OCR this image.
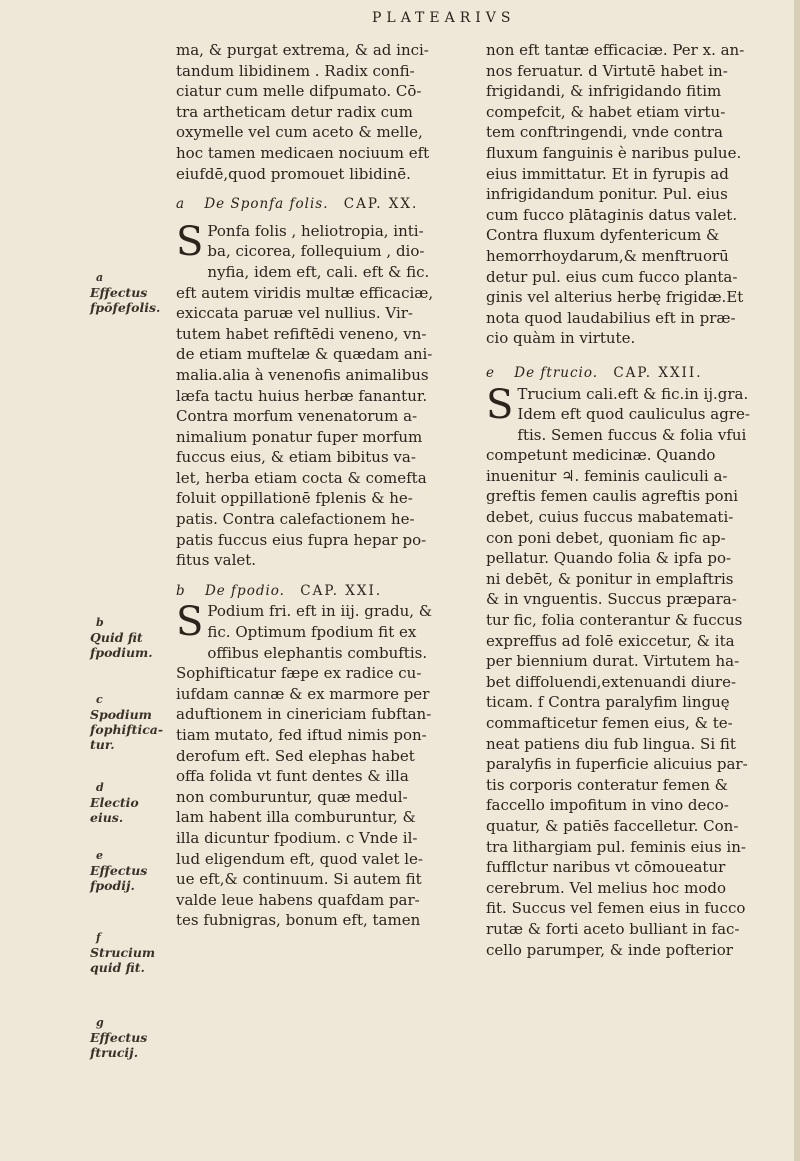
PLATEARIVS
ma, & purgat extrema, & ad inci-
tandum libidinem . Radix confi-
ciatur cum melle difpumato. Cō-
tra artheticam detur radix cum
oxymelle vel cum aceto & melle,
hoc tamen medicaen nociuum eft
eiufdē,quod promouet libidinē.
a De Sponfa folis. CAP. XX.
S Ponfa folis , heliotropia, inti-
ba, cicorea, follequium , dio-
nyfia, idem eft, cali. eft & fic.
eft autem viridis multæ efficaciæ,
exiccata paruæ vel nullius. Vir-
tutem habet refiftēdi veneno, vn-
de etiam muftelæ & quædam ani-
malia.alia à venenofis animalibus
læfa tactu huius herbæ fanantur.
Contra morfum venenatorum a-
nimalium ponatur fuper morfum
fuccus eius, & etiam bibitus va-
let, herba etiam cocta & comefta
foluit oppillationē fplenis & he-
patis. Contra calefactionem he-
patis fuccus eius fupra hepar po-
fitus valet.
b De fpodio. CAP. XXI.
S Podium fri. eft in iij. gradu, &
fic. Optimum fpodium fit ex
offibus elephantis combuftis.
Sophifticatur fæpe ex radice cu-
iufdam cannæ & ex marmore per
aduftionem in cinericiam fubftan-
tiam mutato, fed iftud nimis pon-
derofum eft. Sed elephas habet
offa folida vt funt dentes & illa
non comburuntur, quæ medul-
lam habent illa comburuntur, &
illa dicuntur fpodium. c Vnde il-
lud eligendum eft, quod valet le-
ue eft,& continuum. Si autem fit
valde leue habens quafdam par-
tes fubnigras, bonum eft, tamen
non eft tantæ efficaciæ. Per x. an-
nos feruatur. d Virtutē habet in-
frigidandi, & infrigidando fitim
compefcit, & habet etiam virtu-
tem conftringendi, vnde contra
fluxum fanguinis è naribus pulue.
eius immittatur. Et in fyrupis ad
infrigidandum ponitur. Pul. eius
cum fucco plātaginis datus valet.
Contra fluxum dyfentericum &
hemorrhoydarum,& menftruorū
detur pul. eius cum fucco planta-
ginis vel alterius herbę frigidæ.Et
nota quod laudabilius eft in præ-
cio quàm in virtute.
e De ftrucio. CAP. XXII.
S Trucium cali.eft & fic.in ij.gra.
Idem eft quod cauliculus agre-
ftis. Semen fuccus & folia vfui
competunt medicinæ. Quando
inuenitur ♃. feminis cauliculi a-
greftis femen caulis agreftis poni
debet, cuius fuccus mabatemati-
con poni debet, quoniam fic ap-
pellatur. Quando folia & ipfa po-
ni debēt, & ponitur in emplaftris
& in vnguentis. Succus præpara-
tur fic, folia conterantur & fuccus
expreffus ad folē exiccetur, & ita
per biennium durat. Virtutem ha-
bet diffoluendi,extenuandi diure-
ticam. f Contra paralyfim linguę
commafticetur femen eius, & te-
neat patiens diu fub lingua. Si fit
paralyfis in fuperficie alicuius par-
tis corporis conteratur femen &
faccello impofitum in vino deco-
quatur, & patiēs faccelletur. Con-
tra lithargiam pul. feminis eius in-
fufflctur naribus vt cōmoueatur
cerebrum. Vel melius hoc modo
fit. Succus vel femen eius in fucco
rutæ & forti aceto bulliant in fac-
cello parumper, & inde pofterior
a
Effectus
fpōfefolis.
b
Quid fit
fpodium.
c
Spodium
fophiftica-
tur.
d
Electio
eius.
e
Effectus
fpodij.
f
Strucium
quid fit.
g
Effectus
ftrucij.
